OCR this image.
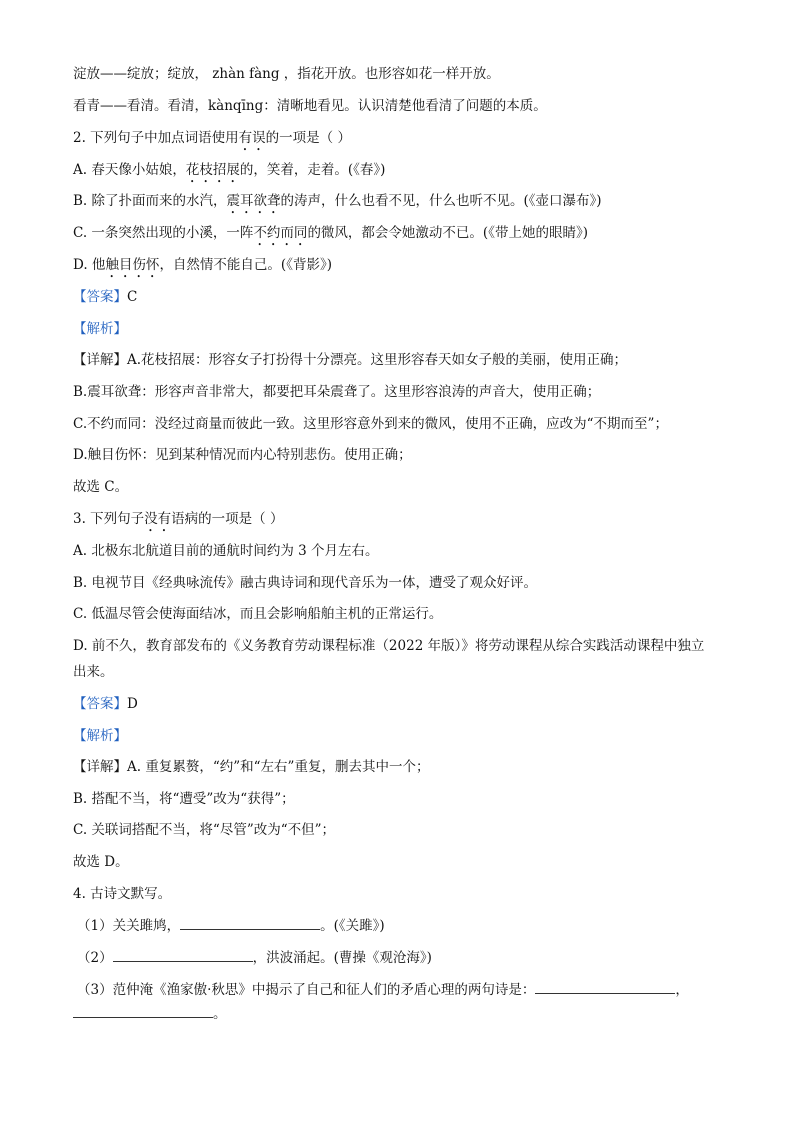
淀放——绽放；绽放， zhàn fàng ，指花开放。也形容如花一样开放。
看青——看清。看清，kànqīng：清晰地看见。认识清楚他看清了问题的本质。
2. 下列句子中加点词语使用有误的一项是（ ）
A. 春天像小姑娘，花枝招展的，笑着，走着。(《春》)
B. 除了扑面而来的水汽，震耳欲聋的涛声，什么也看不见，什么也听不见。(《壶口瀑布》)
C. 一条突然出现的小溪，一阵不约而同的微风，都会令她激动不已。(《带上她的眼睛》)
D. 他触目伤怀，自然情不能自己。(《背影》)
【答案】C
【解析】
【详解】A.花枝招展：形容女子打扮得十分漂亮。这里形容春天如女子般的美丽，使用正确；
B.震耳欲聋：形容声音非常大，都要把耳朵震聋了。这里形容浪涛的声音大，使用正确；
C.不约而同：没经过商量而彼此一致。这里形容意外到来的微风，使用不正确，应改为“不期而至”；
D.触目伤怀：见到某种情况而内心特别悲伤。使用正确；
故选 C。
3. 下列句子没有语病的一项是（ ）
A. 北极东北航道目前的通航时间约为 3 个月左右。
B. 电视节目《经典咏流传》融古典诗词和现代音乐为一体，遭受了观众好评。
C. 低温尽管会使海面结冰，而且会影响船舶主机的正常运行。
D. 前不久，教育部发布的《义务教育劳动课程标准（2022 年版）》将劳动课程从综合实践活动课程中独立
出来。
【答案】D
【解析】
【详解】A. 重复累赘，“约”和“左右”重复，删去其中一个；
B. 搭配不当，将“遭受”改为“获得”；
C. 关联词搭配不当，将“尽管”改为“不但”；
故选 D。
4. 古诗文默写。
（1）关关雎鸠，	。(《关雎》)
（2）	，洪波涌起。(曹操《观沧海》)
（3）范仲淹《渔家傲·秋思》中揭示了自己和征人们的矛盾心理的两句诗是：	，
。
